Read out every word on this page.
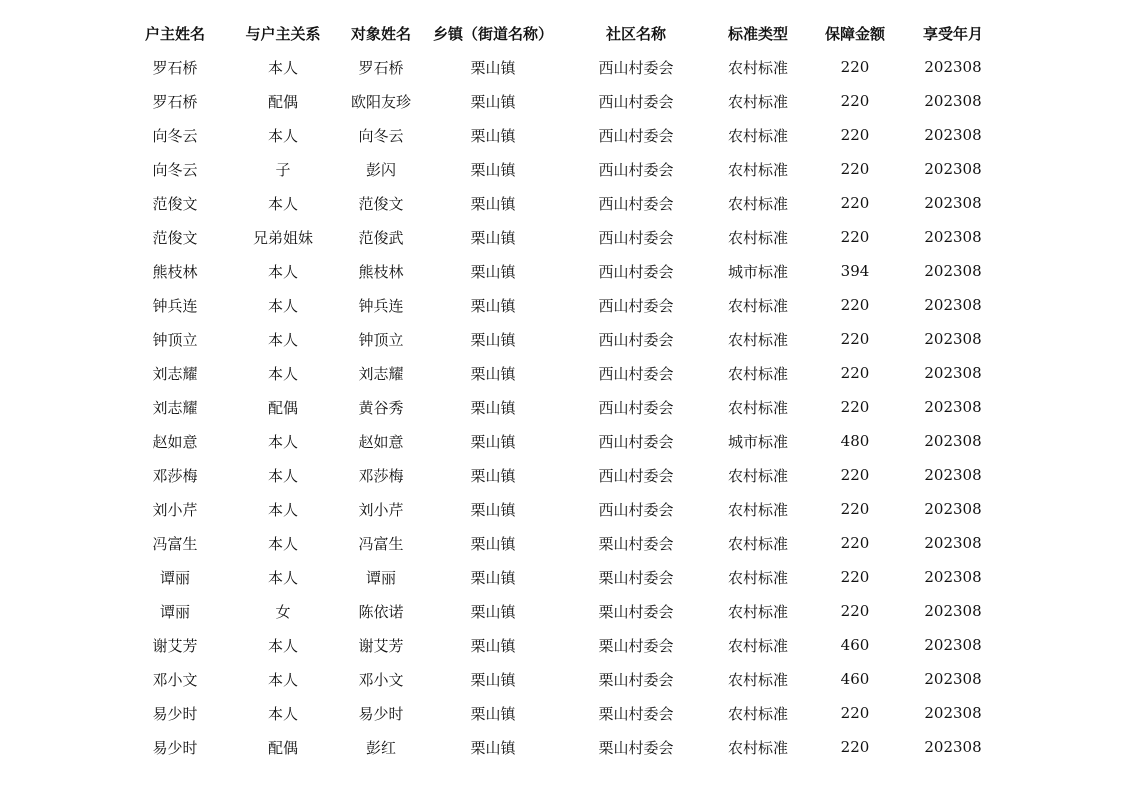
户主姓名	与户主关系	对象姓名	乡镇（街道名称）	社区名称	标准类型	保障金额	享受年月
罗石桥	本人	罗石桥	栗山镇	西山村委会	农村标准	220	202308
罗石桥	配偶	欧阳友珍	栗山镇	西山村委会	农村标准	220	202308
向冬云	本人	向冬云	栗山镇	西山村委会	农村标准	220	202308
向冬云	子	彭闪	栗山镇	西山村委会	农村标准	220	202308
范俊文	本人	范俊文	栗山镇	西山村委会	农村标准	220	202308
范俊文	兄弟姐妹	范俊武	栗山镇	西山村委会	农村标准	220	202308
熊枝林	本人	熊枝林	栗山镇	西山村委会	城市标准	394	202308
钟兵连	本人	钟兵连	栗山镇	西山村委会	农村标准	220	202308
钟顶立	本人	钟顶立	栗山镇	西山村委会	农村标准	220	202308
刘志耀	本人	刘志耀	栗山镇	西山村委会	农村标准	220	202308
刘志耀	配偶	黄谷秀	栗山镇	西山村委会	农村标准	220	202308
赵如意	本人	赵如意	栗山镇	西山村委会	城市标准	480	202308
邓莎梅	本人	邓莎梅	栗山镇	西山村委会	农村标准	220	202308
刘小芹	本人	刘小芹	栗山镇	西山村委会	农村标准	220	202308
冯富生	本人	冯富生	栗山镇	栗山村委会	农村标准	220	202308
谭丽	本人	谭丽	栗山镇	栗山村委会	农村标准	220	202308
谭丽	女	陈依诺	栗山镇	栗山村委会	农村标准	220	202308
谢艾芳	本人	谢艾芳	栗山镇	栗山村委会	农村标准	460	202308
邓小文	本人	邓小文	栗山镇	栗山村委会	农村标准	460	202308
易少时	本人	易少时	栗山镇	栗山村委会	农村标准	220	202308
易少时	配偶	彭红	栗山镇	栗山村委会	农村标准	220	202308
